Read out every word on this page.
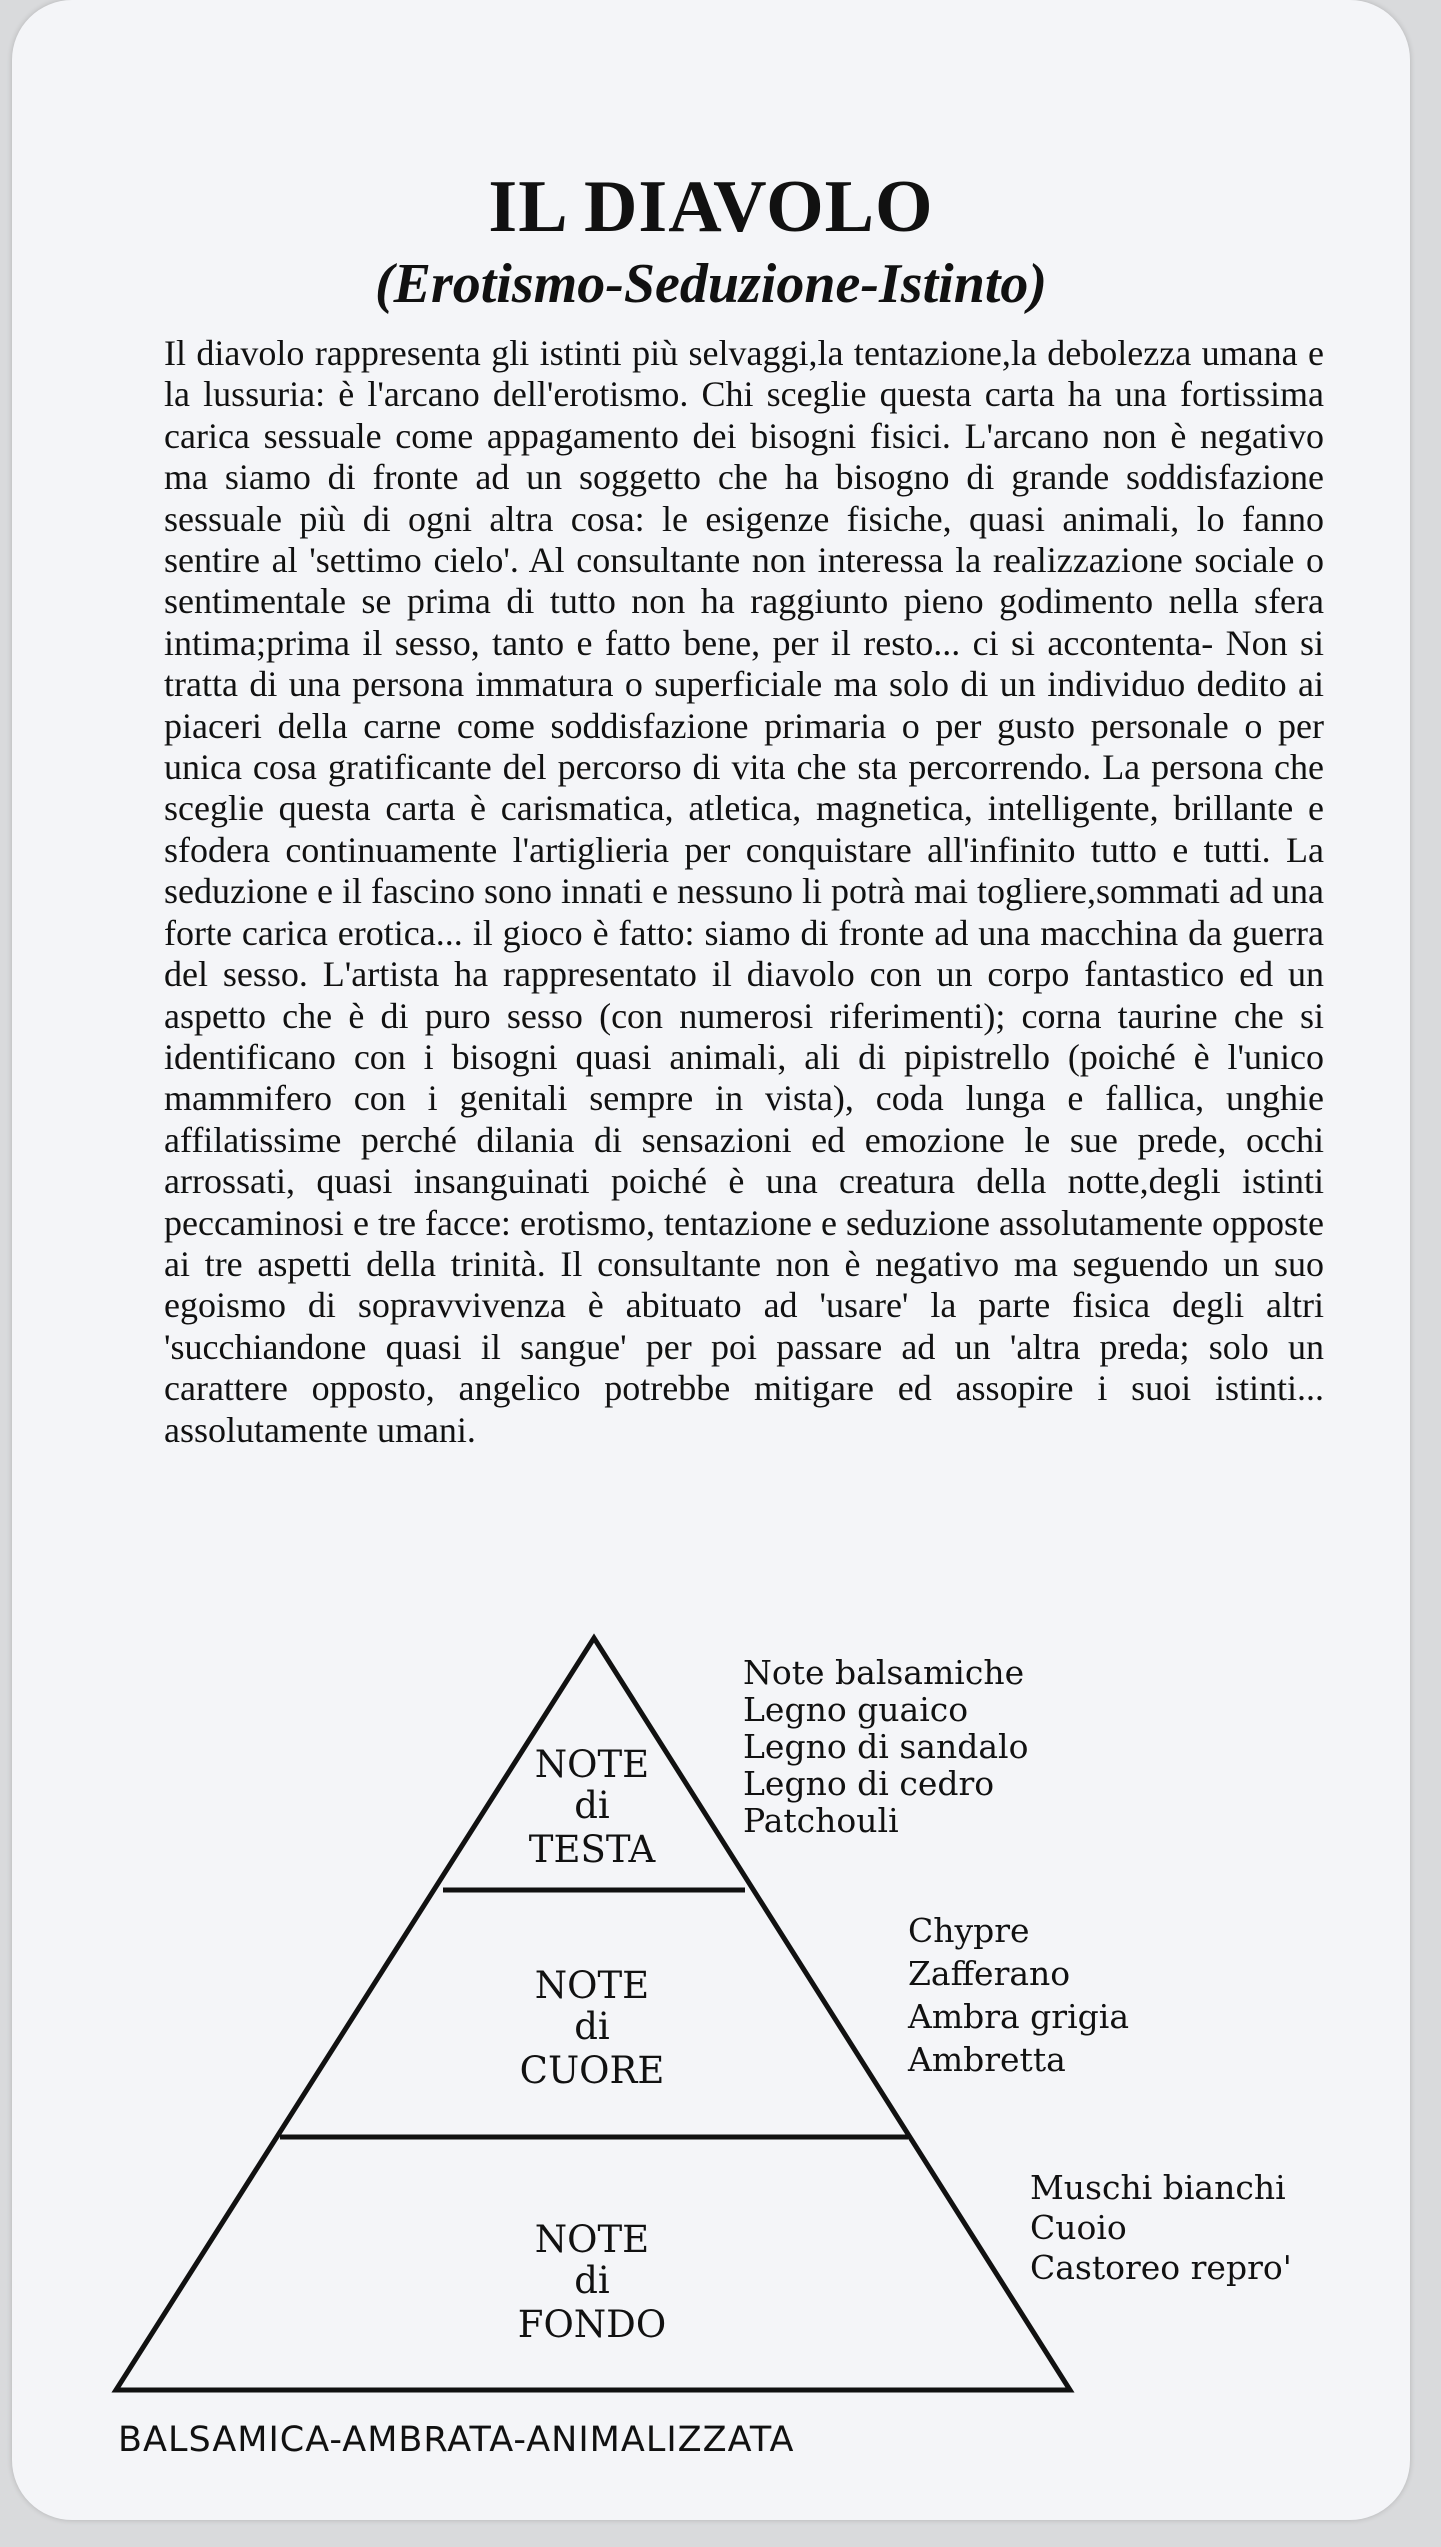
IL DIAVOLO
(Erotismo-Seduzione-Istinto)

Il diavolo rappresenta gli istinti più selvaggi,la tentazione,la debolezza umana e la lussuria: è l'arcano dell'erotismo. Chi sceglie questa carta ha una fortissima carica sessuale come appagamento dei bisogni fisici. L'arcano non è negativo ma siamo di fronte ad un soggetto che ha bisogno di grande soddisfazione sessuale più di ogni altra cosa: le esigenze fisiche, quasi animali, lo fanno sentire al 'settimo cielo'. Al consultante non interessa la realizzazione sociale o sentimentale se prima di tutto non ha raggiunto pieno godimento nella sfera intima;prima il sesso, tanto e fatto bene, per il resto... ci si accontenta- Non si tratta di una persona immatura o superficiale ma solo di un individuo dedito ai piaceri della carne come soddisfazione primaria o per gusto personale o per unica cosa gratificante del percorso di vita che sta percorrendo. La persona che sceglie questa carta è carismatica, atletica, magnetica, intelligente, brillante e sfodera continuamente l'artiglieria per conquistare all'infinito tutto e tutti. La seduzione e il fascino sono innati e nessuno li potrà mai togliere,sommati ad una forte carica erotica... il gioco è fatto: siamo di fronte ad una macchina da guerra del sesso. L'artista ha rappresentato il diavolo con un corpo fantastico ed un aspetto che è di puro sesso (con numerosi riferimenti); corna taurine che si identificano con i bisogni quasi animali, ali di pipistrello (poiché è l'unico mammifero con i genitali sempre in vista), coda lunga e fallica, unghie affilatissime perché dilania di sensazioni ed emozione le sue prede, occhi arrossati, quasi insanguinati poiché è una creatura della notte,degli istinti peccaminosi e tre facce: erotismo, tentazione e seduzione assolutamente opposte ai tre aspetti della trinità. Il consultante non è negativo ma seguendo un suo egoismo di sopravvivenza è abituato ad 'usare' la parte fisica degli altri 'succhiandone quasi il sangue' per poi passare ad un 'altra preda; solo un carattere opposto, angelico potrebbe mitigare ed assopire i suoi istinti... assolutamente umani.

NOTE
di
TESTA
NOTE
di
CUORE
NOTE
di
FONDO
Note balsamiche
Legno guaico
Legno di sandalo
Legno di cedro
Patchouli
Chypre
Zafferano
Ambra grigia
Ambretta
Muschi bianchi
Cuoio
Castoreo repro'
BALSAMICA-AMBRATA-ANIMALIZZATA
